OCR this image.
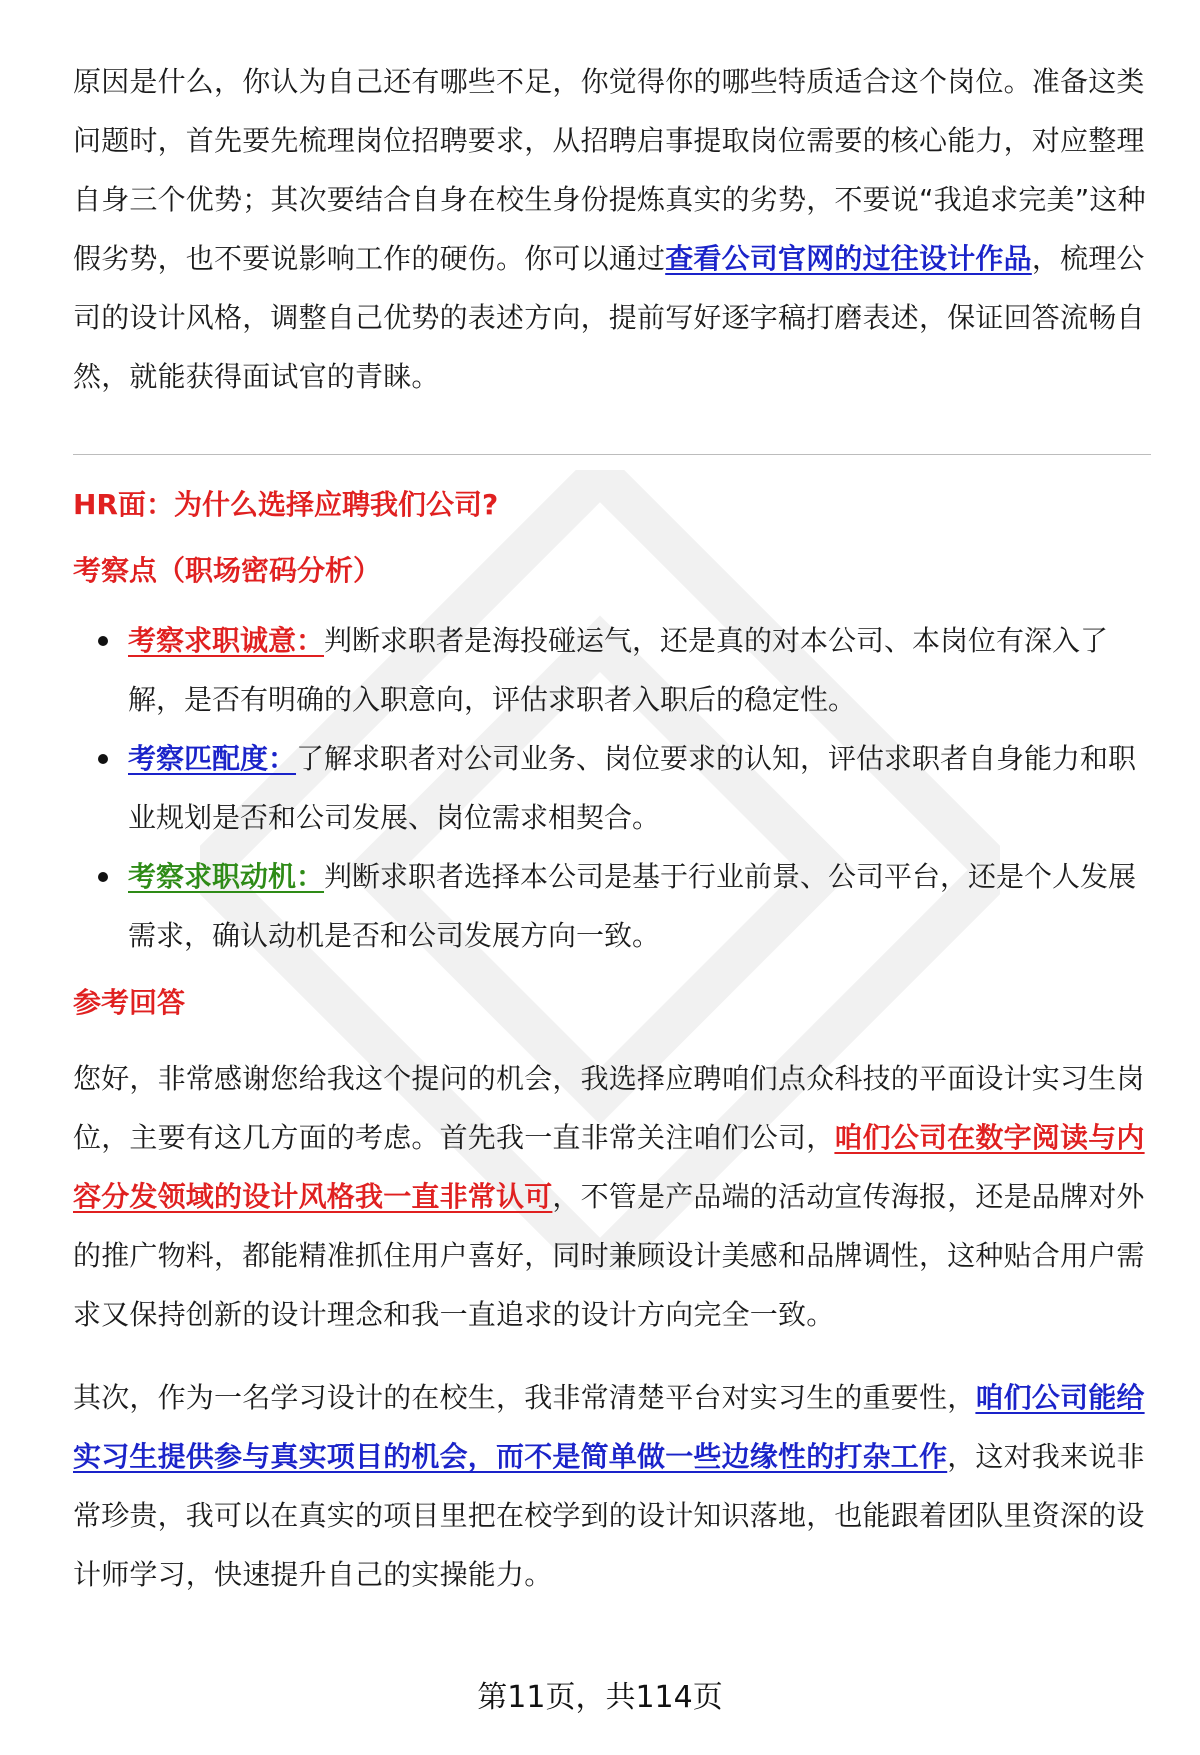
原因是什么，你认为自己还有哪些不足，你觉得你的哪些特质适合这个岗位。准备这类问题时，首先要先梳理岗位招聘要求，从招聘启事提取岗位需要的核心能力，对应整理自身三个优势；其次要结合自身在校生身份提炼真实的劣势，不要说“我追求完美”这种假劣势，也不要说影响工作的硬伤。你可以通过查看公司官网的过往设计作品，梳理公司的设计风格，调整自己优势的表述方向，提前写好逐字稿打磨表述，保证回答流畅自然，就能获得面试官的青睐。

HR面：为什么选择应聘我们公司?

考察点（职场密码分析）

考察求职诚意：判断求职者是海投碰运气，还是真的对本公司、本岗位有深入了解，是否有明确的入职意向，评估求职者入职后的稳定性。
考察匹配度：了解求职者对公司业务、岗位要求的认知，评估求职者自身能力和职业规划是否和公司发展、岗位需求相契合。
考察求职动机：判断求职者选择本公司是基于行业前景、公司平台，还是个人发展需求，确认动机是否和公司发展方向一致。

参考回答

您好，非常感谢您给我这个提问的机会，我选择应聘咱们点众科技的平面设计实习生岗位，主要有这几方面的考虑。首先我一直非常关注咱们公司，咱们公司在数字阅读与内容分发领域的设计风格我一直非常认可，不管是产品端的活动宣传海报，还是品牌对外的推广物料，都能精准抓住用户喜好，同时兼顾设计美感和品牌调性，这种贴合用户需求又保持创新的设计理念和我一直追求的设计方向完全一致。

其次，作为一名学习设计的在校生，我非常清楚平台对实习生的重要性，咱们公司能给实习生提供参与真实项目的机会，而不是简单做一些边缘性的打杂工作，这对我来说非常珍贵，我可以在真实的项目里把在校学到的设计知识落地，也能跟着团队里资深的设计师学习，快速提升自己的实操能力。

第11页，共114页
